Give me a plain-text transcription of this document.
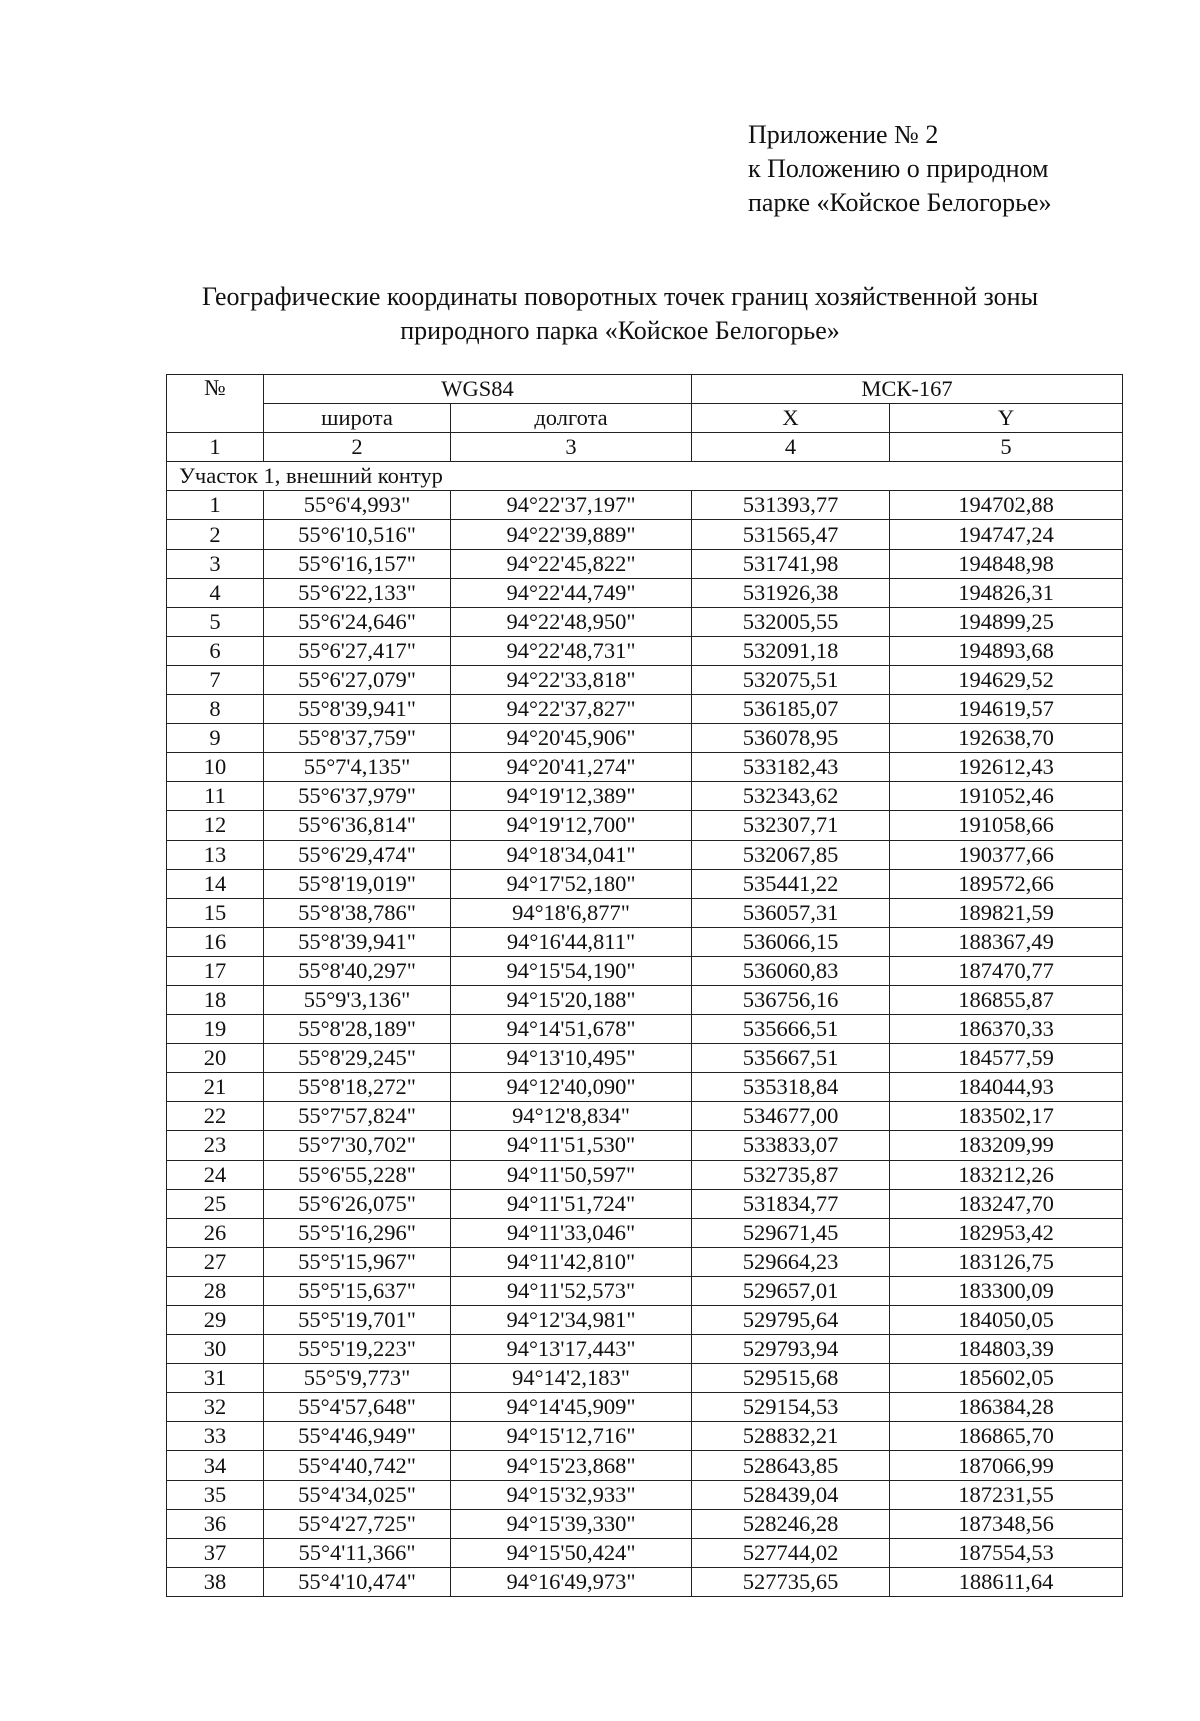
Приложение № 2
к Положению о природном
парке «Койское Белогорье»
Географические координаты поворотных точек границ хозяйственной зоны
природного парка «Койское Белогорье»
№	WGS84		МСК-167	
	широта	долгота	X	Y
1	2	3	4	5
Участок 1, внешний контур				
1	55°6'4,993"	94°22'37,197"	531393,77	194702,88
2	55°6'10,516"	94°22'39,889"	531565,47	194747,24
3	55°6'16,157"	94°22'45,822"	531741,98	194848,98
4	55°6'22,133"	94°22'44,749"	531926,38	194826,31
5	55°6'24,646"	94°22'48,950"	532005,55	194899,25
6	55°6'27,417"	94°22'48,731"	532091,18	194893,68
7	55°6'27,079"	94°22'33,818"	532075,51	194629,52
8	55°8'39,941"	94°22'37,827"	536185,07	194619,57
9	55°8'37,759"	94°20'45,906"	536078,95	192638,70
10	55°7'4,135"	94°20'41,274"	533182,43	192612,43
11	55°6'37,979"	94°19'12,389"	532343,62	191052,46
12	55°6'36,814"	94°19'12,700"	532307,71	191058,66
13	55°6'29,474"	94°18'34,041"	532067,85	190377,66
14	55°8'19,019"	94°17'52,180"	535441,22	189572,66
15	55°8'38,786"	94°18'6,877"	536057,31	189821,59
16	55°8'39,941"	94°16'44,811"	536066,15	188367,49
17	55°8'40,297"	94°15'54,190"	536060,83	187470,77
18	55°9'3,136"	94°15'20,188"	536756,16	186855,87
19	55°8'28,189"	94°14'51,678"	535666,51	186370,33
20	55°8'29,245"	94°13'10,495"	535667,51	184577,59
21	55°8'18,272"	94°12'40,090"	535318,84	184044,93
22	55°7'57,824"	94°12'8,834"	534677,00	183502,17
23	55°7'30,702"	94°11'51,530"	533833,07	183209,99
24	55°6'55,228"	94°11'50,597"	532735,87	183212,26
25	55°6'26,075"	94°11'51,724"	531834,77	183247,70
26	55°5'16,296"	94°11'33,046"	529671,45	182953,42
27	55°5'15,967"	94°11'42,810"	529664,23	183126,75
28	55°5'15,637"	94°11'52,573"	529657,01	183300,09
29	55°5'19,701"	94°12'34,981"	529795,64	184050,05
30	55°5'19,223"	94°13'17,443"	529793,94	184803,39
31	55°5'9,773"	94°14'2,183"	529515,68	185602,05
32	55°4'57,648"	94°14'45,909"	529154,53	186384,28
33	55°4'46,949"	94°15'12,716"	528832,21	186865,70
34	55°4'40,742"	94°15'23,868"	528643,85	187066,99
35	55°4'34,025"	94°15'32,933"	528439,04	187231,55
36	55°4'27,725"	94°15'39,330"	528246,28	187348,56
37	55°4'11,366"	94°15'50,424"	527744,02	187554,53
38	55°4'10,474"	94°16'49,973"	527735,65	188611,64
